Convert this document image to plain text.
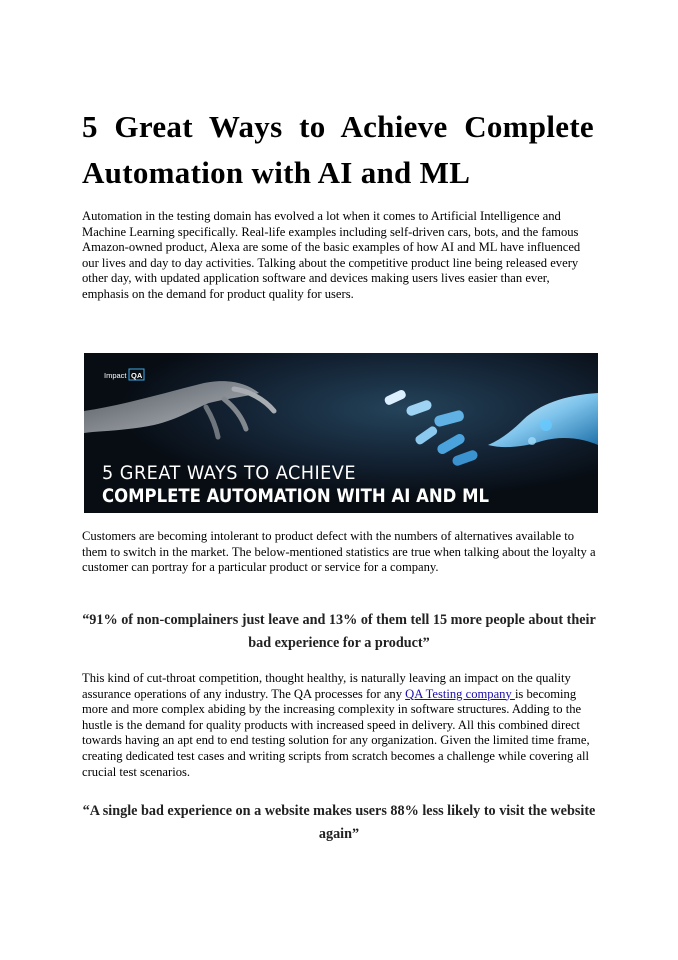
5 Great Ways to Achieve Complete Automation with AI and ML

Automation in the testing domain has evolved a lot when it comes to Artificial Intelligence and Machine Learning specifically. Real-life examples including self-driven cars, bots, and the famous Amazon-owned product, Alexa are some of the basic examples of how AI and ML have influenced our lives and day to day activities. Talking about the competitive product line being released every other day, with updated application software and devices making users lives easier than ever, emphasis on the demand for product quality for users.

Impact QA
5 GREAT WAYS TO ACHIEVE
COMPLETE AUTOMATION WITH AI AND ML

Customers are becoming intolerant to product defect with the numbers of alternatives available to them to switch in the market. The below-mentioned statistics are true when talking about the loyalty a customer can portray for a particular product or service for a company.

“91% of non-complainers just leave and 13% of them tell 15 more people about their bad experience for a product”

This kind of cut-throat competition, thought healthy, is naturally leaving an impact on the quality assurance operations of any industry. The QA processes for any QA Testing company is becoming more and more complex abiding by the increasing complexity in software structures. Adding to the hustle is the demand for quality products with increased speed in delivery. All this combined direct towards having an apt end to end testing solution for any organization. Given the limited time frame, creating dedicated test cases and writing scripts from scratch becomes a challenge while covering all crucial test scenarios.

“A single bad experience on a website makes users 88% less likely to visit the website again”
